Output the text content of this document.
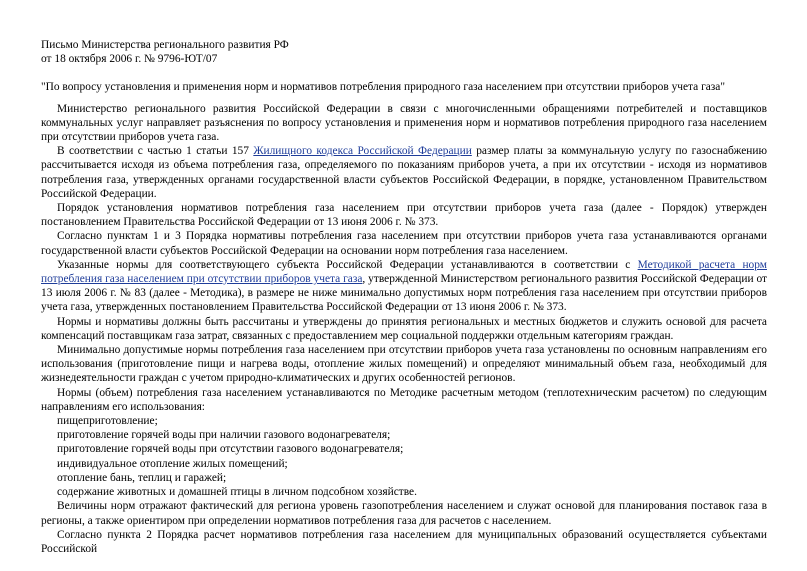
Письмо Министерства регионального развития РФ

от 18 октября 2006 г. № 9796-ЮТ/07

"По вопросу установления и применения норм и нормативов потребления природного газа населением при отсутствии приборов учета газа"

Министерство регионального развития Российской Федерации в связи с многочисленными обращениями потребителей и поставщиков коммунальных услуг направляет разъяснения по вопросу установления и применения норм и нормативов потребления природного газа населением при отсутствии приборов учета газа.

В соответствии с частью 1 статьи 157 Жилищного кодекса Российской Федерации размер платы за коммунальную услугу по газоснабжению рассчитывается исходя из объема потребления газа, определяемого по показаниям приборов учета, а при их отсутствии - исходя из нормативов потребления газа, утвержденных органами государственной власти субъектов Российской Федерации, в порядке, установленном Правительством Российской Федерации.

Порядок установления нормативов потребления газа населением при отсутствии приборов учета газа (далее - Порядок) утвержден постановлением Правительства Российской Федерации от 13 июня 2006 г. № 373.

Согласно пунктам 1 и 3 Порядка нормативы потребления газа населением при отсутствии приборов учета газа устанавливаются органами государственной власти субъектов Российской Федерации на основании норм потребления газа населением.

Указанные нормы для соответствующего субъекта Российской Федерации устанавливаются в соответствии с Методикой расчета норм потребления газа населением при отсутствии приборов учета газа, утвержденной Министерством регионального развития Российской Федерации от 13 июля 2006 г. № 83 (далее - Методика), в размере не ниже минимально допустимых норм потребления газа населением при отсутствии приборов учета газа, утвержденных постановлением Правительства Российской Федерации от 13 июня 2006 г. № 373.

Нормы и нормативы должны быть рассчитаны и утверждены до принятия региональных и местных бюджетов и служить основой для расчета компенсаций поставщикам газа затрат, связанных с предоставлением мер социальной поддержки отдельным категориям граждан.

Минимально допустимые нормы потребления газа населением при отсутствии приборов учета газа установлены по основным направлениям его использования (приготовление пищи и нагрева воды, отопление жилых помещений) и определяют минимальный объем газа, необходимый для жизнедеятельности граждан с учетом природно-климатических и других особенностей регионов.

Нормы (объем) потребления газа населением устанавливаются по Методике расчетным методом (теплотехническим расчетом) по следующим направлениям его использования:

пищеприготовление;

приготовление горячей воды при наличии газового водонагревателя;

приготовление горячей воды при отсутствии газового водонагревателя;

индивидуальное отопление жилых помещений;

отопление бань, теплиц и гаражей;

содержание животных и домашней птицы в личном подсобном хозяйстве.

Величины норм отражают фактический для региона уровень газопотребления населением и служат основой для планирования поставок газа в регионы, а также ориентиром при определении нормативов потребления газа для расчетов с населением.

Согласно пункта 2 Порядка расчет нормативов потребления газа населением для муниципальных образований осуществляется субъектами Российской
